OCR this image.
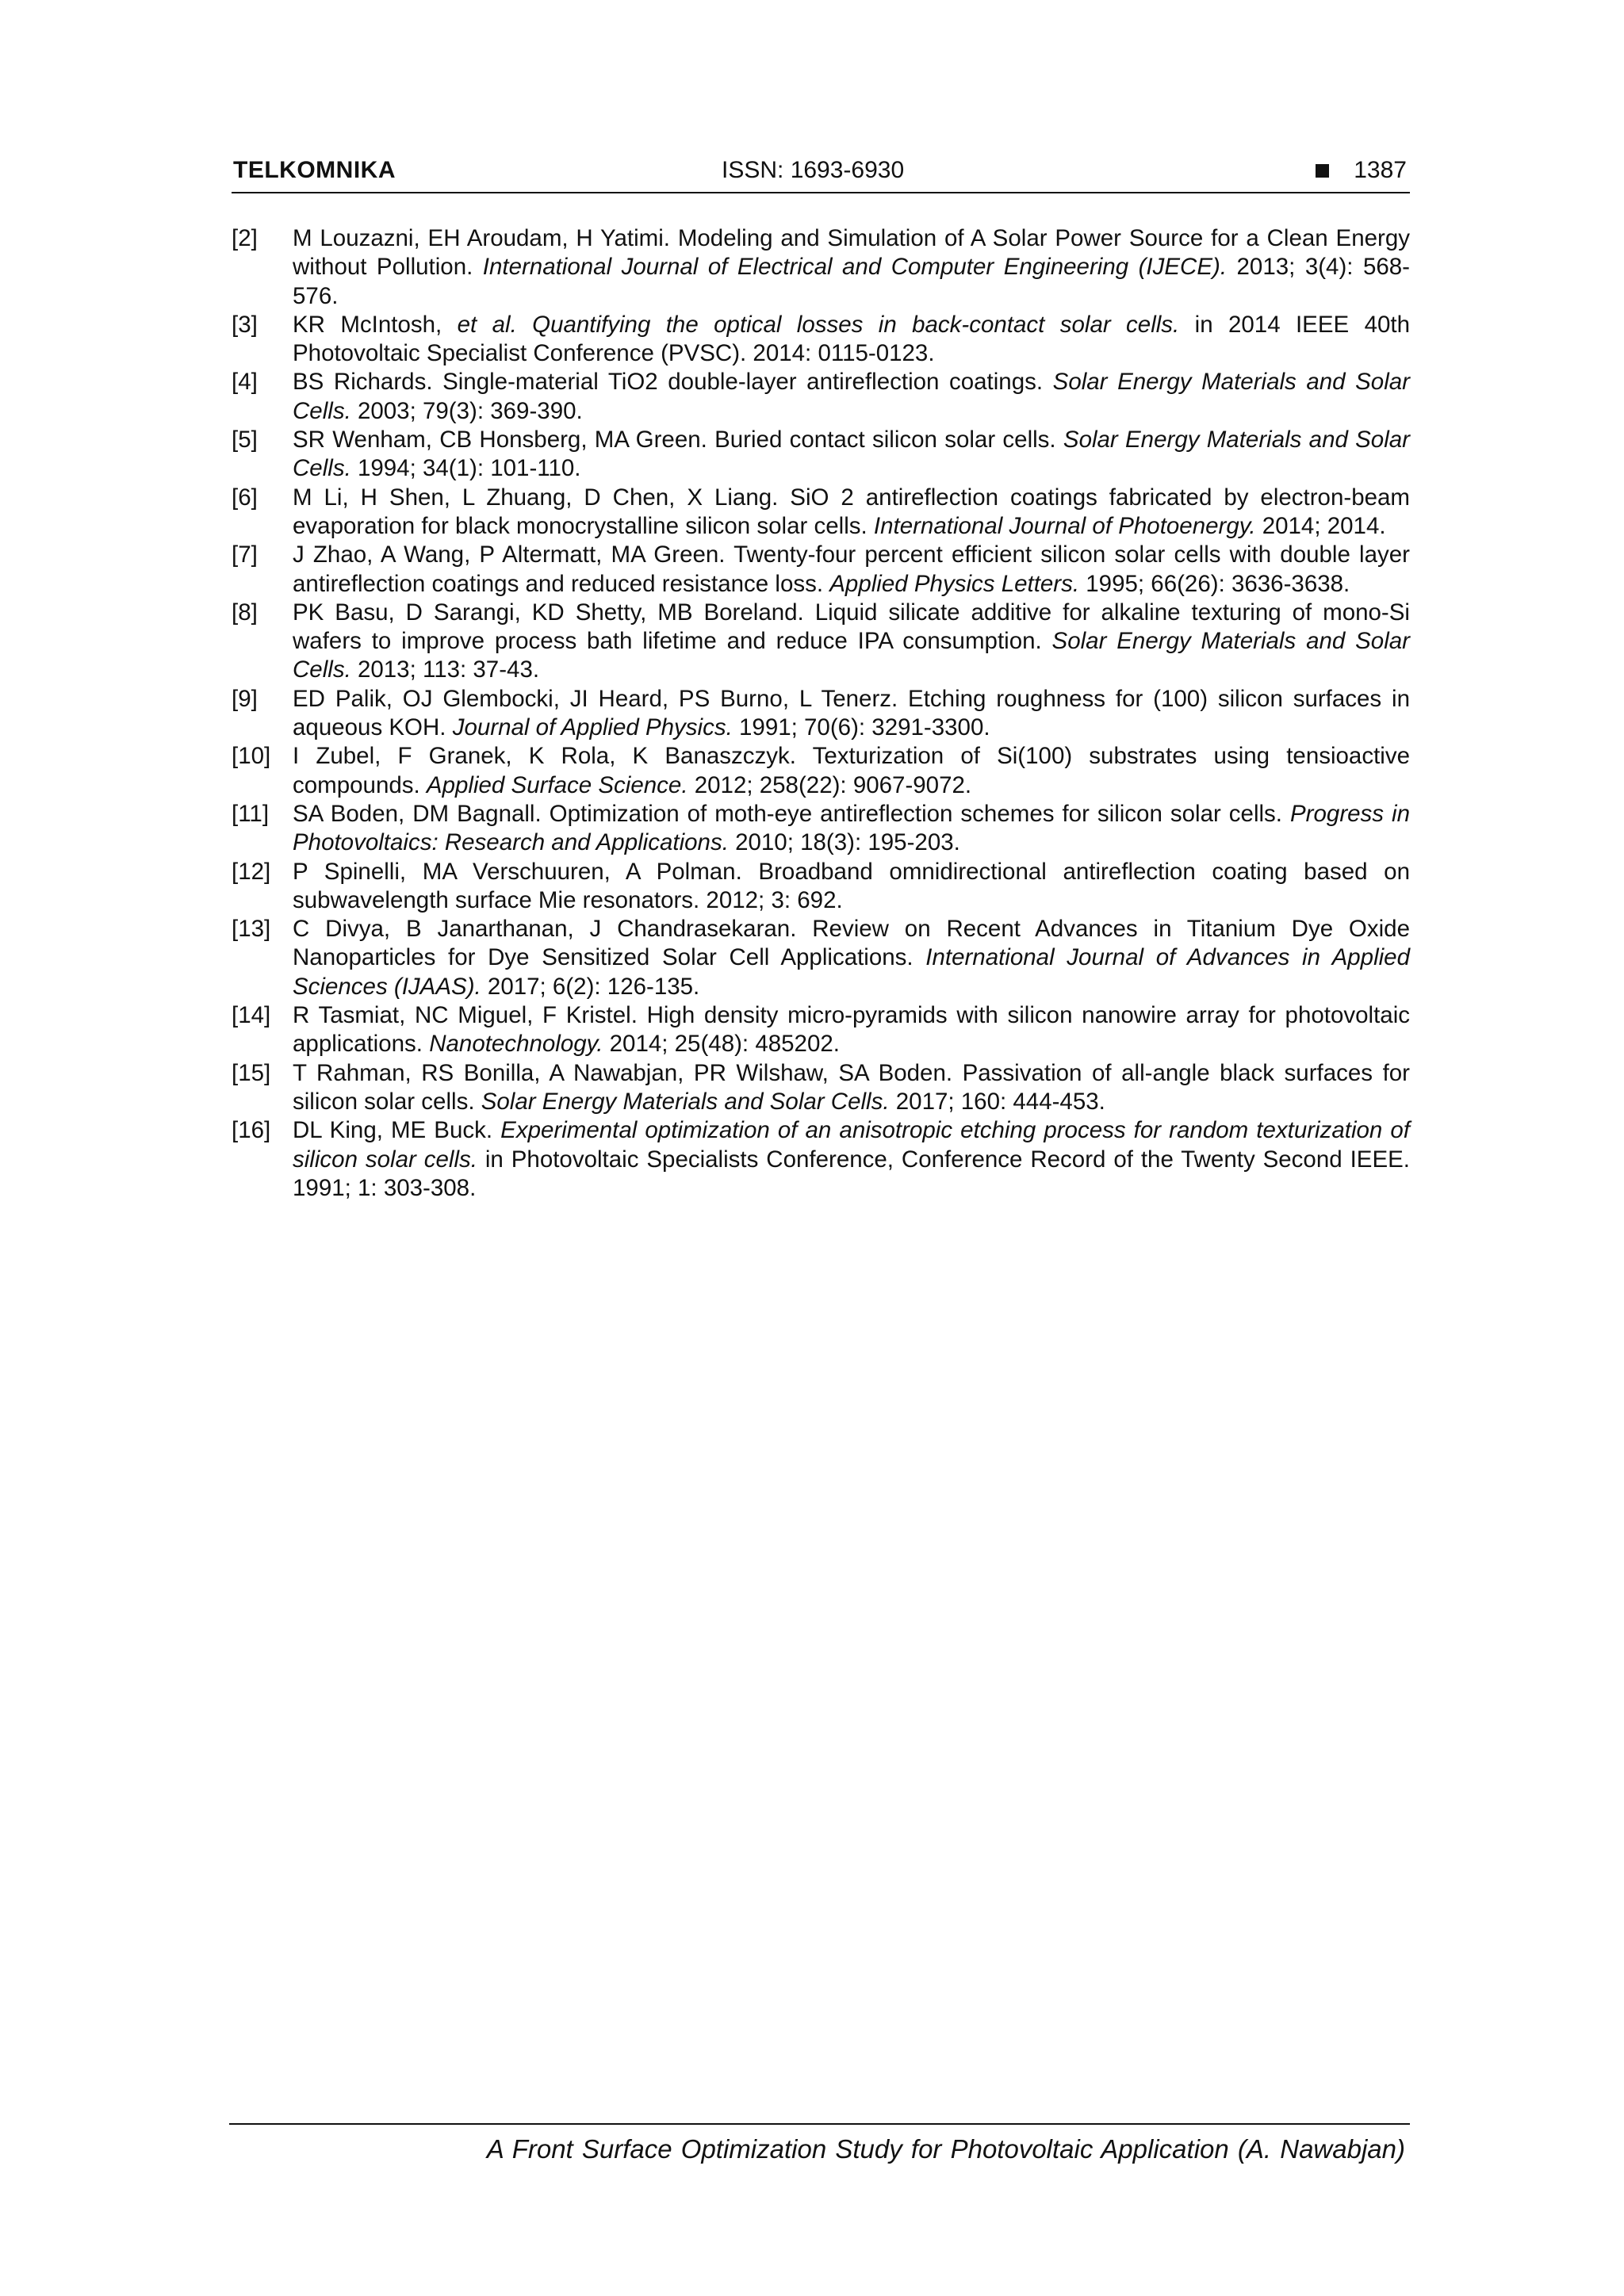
TELKOMNIKA	ISSN: 1693-6930	1387
[2]	M Louzazni, EH Aroudam, H Yatimi. Modeling and Simulation of A Solar Power Source for a Clean Energy without Pollution. International Journal of Electrical and Computer Engineering (IJECE). 2013; 3(4): 568-576.
[3]	KR McIntosh, et al. Quantifying the optical losses in back-contact solar cells. in 2014 IEEE 40th Photovoltaic Specialist Conference (PVSC). 2014: 0115-0123.
[4]	BS Richards. Single-material TiO2 double-layer antireflection coatings. Solar Energy Materials and Solar Cells. 2003; 79(3): 369-390.
[5]	SR Wenham, CB Honsberg, MA Green. Buried contact silicon solar cells. Solar Energy Materials and Solar Cells. 1994; 34(1): 101-110.
[6]	M Li, H Shen, L Zhuang, D Chen, X Liang. SiO 2 antireflection coatings fabricated by electron-beam evaporation for black monocrystalline silicon solar cells. International Journal of Photoenergy. 2014; 2014.
[7]	J Zhao, A Wang, P Altermatt, MA Green. Twenty-four percent efficient silicon solar cells with double layer antireflection coatings and reduced resistance loss. Applied Physics Letters. 1995; 66(26): 3636-3638.
[8]	PK Basu, D Sarangi, KD Shetty, MB Boreland. Liquid silicate additive for alkaline texturing of mono-Si wafers to improve process bath lifetime and reduce IPA consumption. Solar Energy Materials and Solar Cells. 2013; 113: 37-43.
[9]	ED Palik, OJ Glembocki, JI Heard, PS Burno, L Tenerz. Etching roughness for (100) silicon surfaces in aqueous KOH. Journal of Applied Physics. 1991; 70(6): 3291-3300.
[10] I Zubel, F Granek, K Rola, K Banaszczyk. Texturization of Si(100) substrates using tensioactive compounds. Applied Surface Science. 2012; 258(22): 9067-9072.
[11]	SA Boden, DM Bagnall. Optimization of moth-eye antireflection schemes for silicon solar cells. Progress in Photovoltaics: Research and Applications. 2010; 18(3): 195-203.
[12] P Spinelli, MA Verschuuren, A Polman. Broadband omnidirectional antireflection coating based on subwavelength surface Mie resonators. 2012; 3: 692.
[13] C Divya, B Janarthanan, J Chandrasekaran. Review on Recent Advances in Titanium Dye Oxide Nanoparticles for Dye Sensitized Solar Cell Applications. International Journal of Advances in Applied Sciences (IJAAS). 2017; 6(2): 126-135.
[14] R Tasmiat, NC Miguel, F Kristel. High density micro-pyramids with silicon nanowire array for photovoltaic applications. Nanotechnology. 2014; 25(48): 485202.
[15] T Rahman, RS Bonilla, A Nawabjan, PR Wilshaw, SA Boden. Passivation of all-angle black surfaces for silicon solar cells. Solar Energy Materials and Solar Cells. 2017; 160: 444-453.
[16] DL King, ME Buck. Experimental optimization of an anisotropic etching process for random texturization of silicon solar cells. in Photovoltaic Specialists Conference, Conference Record of the Twenty Second IEEE. 1991; 1: 303-308.
A Front Surface Optimization Study for Photovoltaic Application (A. Nawabjan)
